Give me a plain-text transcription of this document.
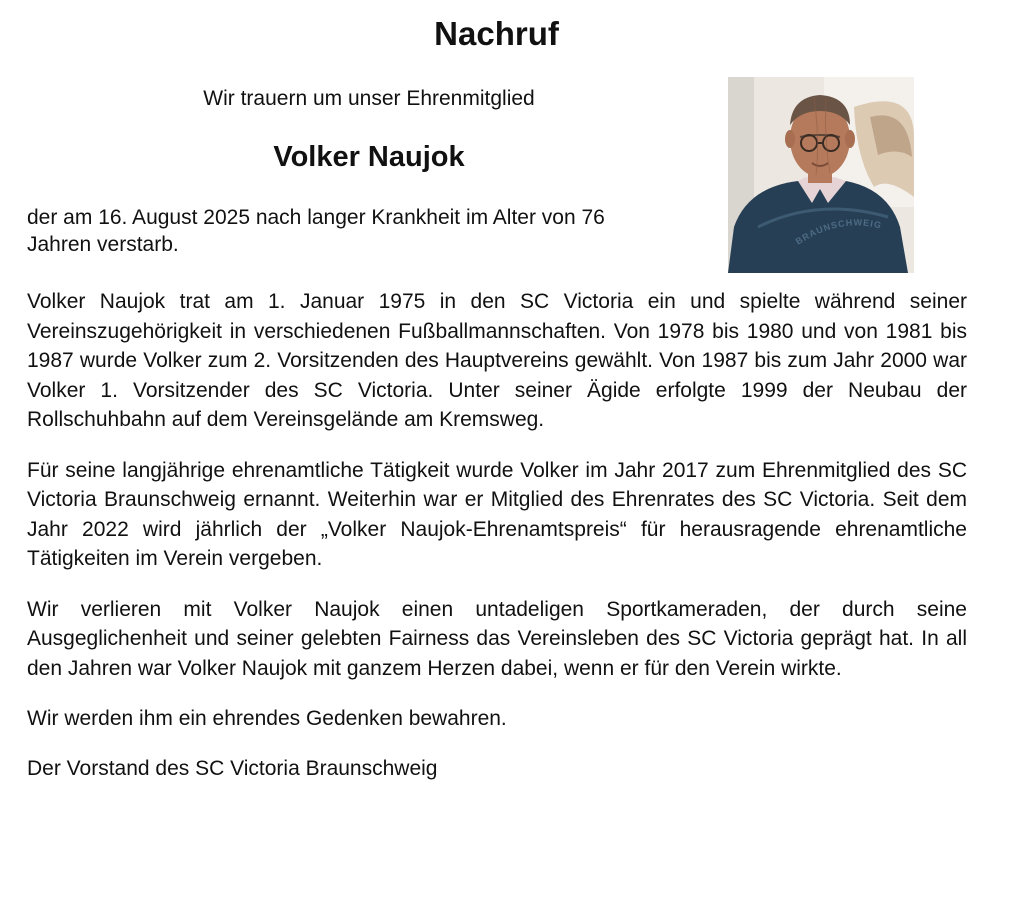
Nachruf

Wir trauern um unser Ehrenmitglied

Volker Naujok

der am 16. August 2025 nach langer Krankheit im Alter von 76 Jahren verstarb.	BRAUNSCHWEIG

Volker Naujok trat am 1. Januar 1975 in den SC Victoria ein und spielte während seiner Vereinszugehörigkeit in verschiedenen Fußballmannschaften. Von 1978 bis 1980 und von 1981 bis 1987 wurde Volker zum 2. Vorsitzenden des Hauptvereins gewählt. Von 1987 bis zum Jahr 2000 war Volker 1. Vorsitzender des SC Victoria. Unter seiner Ägide erfolgte 1999 der Neubau der Rollschuhbahn auf dem Vereinsgelände am Kremsweg.

Für seine langjährige ehrenamtliche Tätigkeit wurde Volker im Jahr 2017 zum Ehrenmitglied des SC Victoria Braunschweig ernannt. Weiterhin war er Mitglied des Ehrenrates des SC Victoria. Seit dem Jahr 2022 wird jährlich der „Volker Naujok-Ehrenamtspreis“ für herausragende ehrenamtliche Tätigkeiten im Verein vergeben.

Wir verlieren mit Volker Naujok einen untadeligen Sportkameraden, der durch seine Ausgeglichenheit und seiner gelebten Fairness das Vereinsleben des SC Victoria geprägt hat. In all den Jahren war Volker Naujok mit ganzem Herzen dabei, wenn er für den Verein wirkte.

Wir werden ihm ein ehrendes Gedenken bewahren.

Der Vorstand des SC Victoria Braunschweig
